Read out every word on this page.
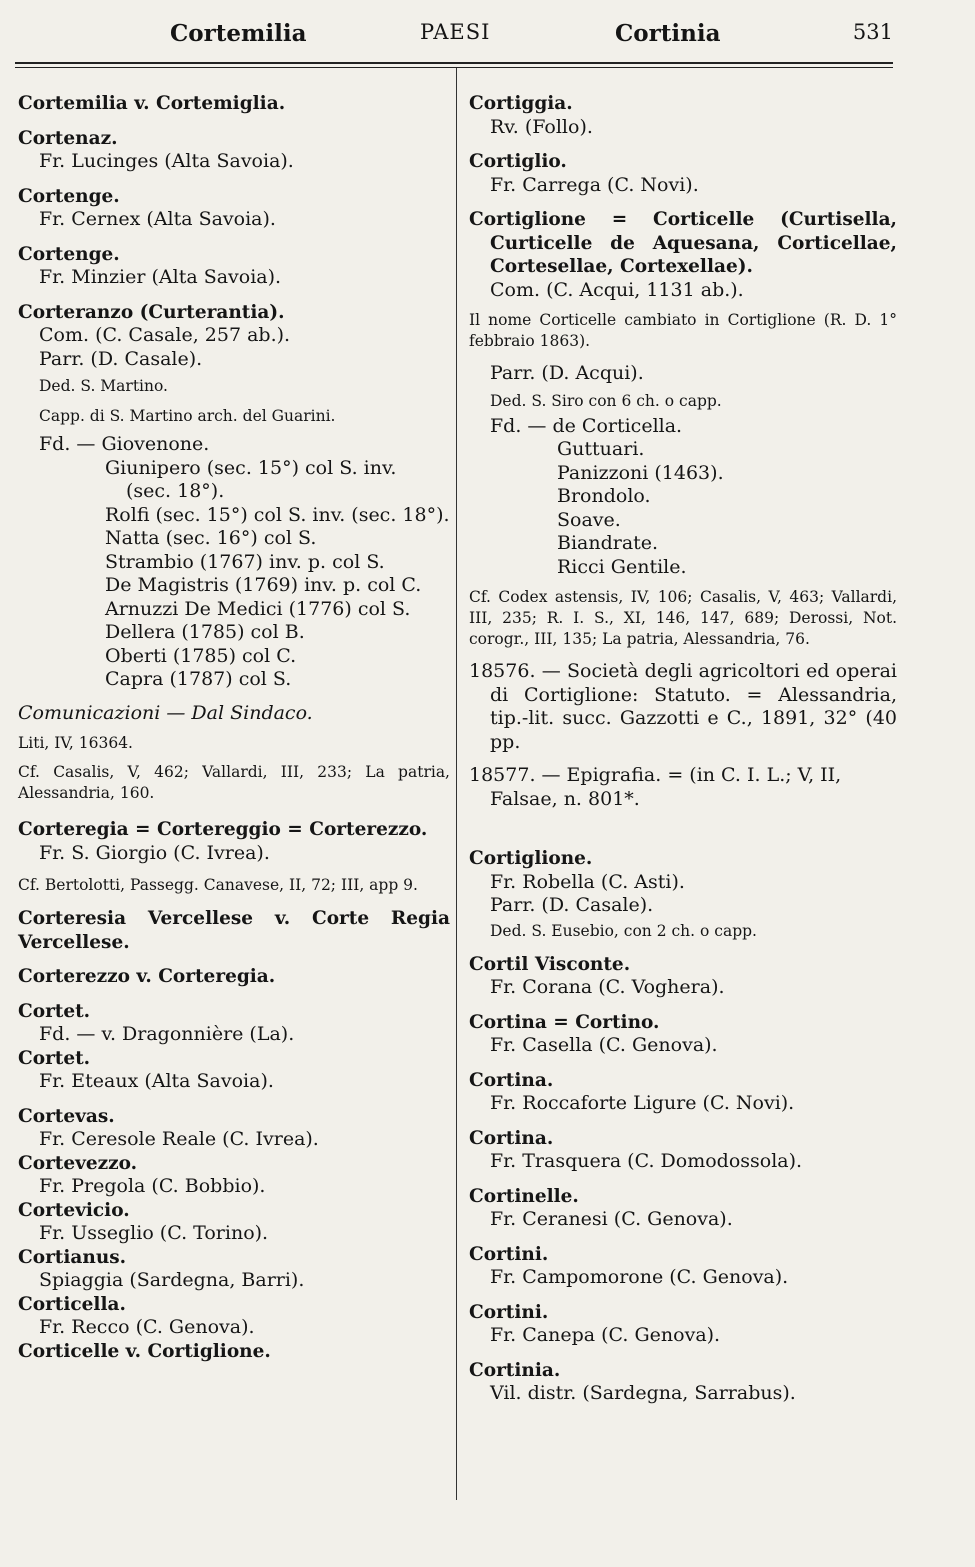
Cortemilia	PAESI	Cortinia	531
Cortemilia v. Cortemiglia.
Cortenaz.
Fr. Lucinges (Alta Savoia).
Cortenge.
Fr. Cernex (Alta Savoia).
Cortenge.
Fr. Minzier (Alta Savoia).
Corteranzo (Curterantia).
Com. (C. Casale, 257 ab.).
Parr. (D. Casale).
Ded. S. Martino.
Capp. di S. Martino arch. del Guarini.
Fd. — Giovenone.
Giunipero (sec. 15°) col S. inv.
(sec. 18°).
Rolfi (sec. 15°) col S. inv. (sec. 18°).
Natta (sec. 16°) col S.
Strambio (1767) inv. p. col S.
De Magistris (1769) inv. p. col C.
Arnuzzi De Medici (1776) col S.
Dellera (1785) col B.
Oberti (1785) col C.
Capra (1787) col S.
Comunicazioni — Dal Sindaco.
Liti, IV, 16364.
Cf. Casalis, V, 462; Vallardi, III, 233; La patria, Alessandria, 160.
Corteregia = Cortereggio = Corterezzo.
Fr. S. Giorgio (C. Ivrea).
Cf. Bertolotti, Passegg. Canavese, II, 72; III, app 9.
Corteresia Vercellese v. Corte Regia Vercellese.
Corterezzo v. Corteregia.
Cortet.
Fd. — v. Dragonnière (La).
Cortet.
Fr. Eteaux (Alta Savoia).
Cortevas.
Fr. Ceresole Reale (C. Ivrea).
Cortevezzo.
Fr. Pregola (C. Bobbio).
Cortevicio.
Fr. Usseglio (C. Torino).
Cortianus.
Spiaggia (Sardegna, Barri).
Corticella.
Fr. Recco (C. Genova).
Corticelle v. Cortiglione.
Cortiggia.
Rv. (Follo).
Cortiglio.
Fr. Carrega (C. Novi).
Cortiglione = Corticelle (Curtisella, Curticelle de Aquesana, Corticellae, Cortesellae, Cortexellae).
Com. (C. Acqui, 1131 ab.).
Il nome Corticelle cambiato in Cortiglione (R. D. 1° febbraio 1863).
Parr. (D. Acqui).
Ded. S. Siro con 6 ch. o capp.
Fd. — de Corticella.
Guttuari.
Panizzoni (1463).
Brondolo.
Soave.
Biandrate.
Ricci Gentile.
Cf. Codex astensis, IV, 106; Casalis, V, 463; Vallardi, III, 235; R. I. S., XI, 146, 147, 689; Derossi, Not. corogr., III, 135; La patria, Alessandria, 76.
18576. — Società degli agricoltori ed operai di Cortiglione: Statuto. = Alessandria, tip.-lit. succ. Gazzotti e C., 1891, 32° (40 pp.
18577. — Epigrafia. = (in C. I. L.; V, II, Falsae, n. 801*.
Cortiglione.
Fr. Robella (C. Asti).
Parr. (D. Casale).
Ded. S. Eusebio, con 2 ch. o capp.
Cortil Visconte.
Fr. Corana (C. Voghera).
Cortina = Cortino.
Fr. Casella (C. Genova).
Cortina.
Fr. Roccaforte Ligure (C. Novi).
Cortina.
Fr. Trasquera (C. Domodossola).
Cortinelle.
Fr. Ceranesi (C. Genova).
Cortini.
Fr. Campomorone (C. Genova).
Cortini.
Fr. Canepa (C. Genova).
Cortinia.
Vil. distr. (Sardegna, Sarrabus).
